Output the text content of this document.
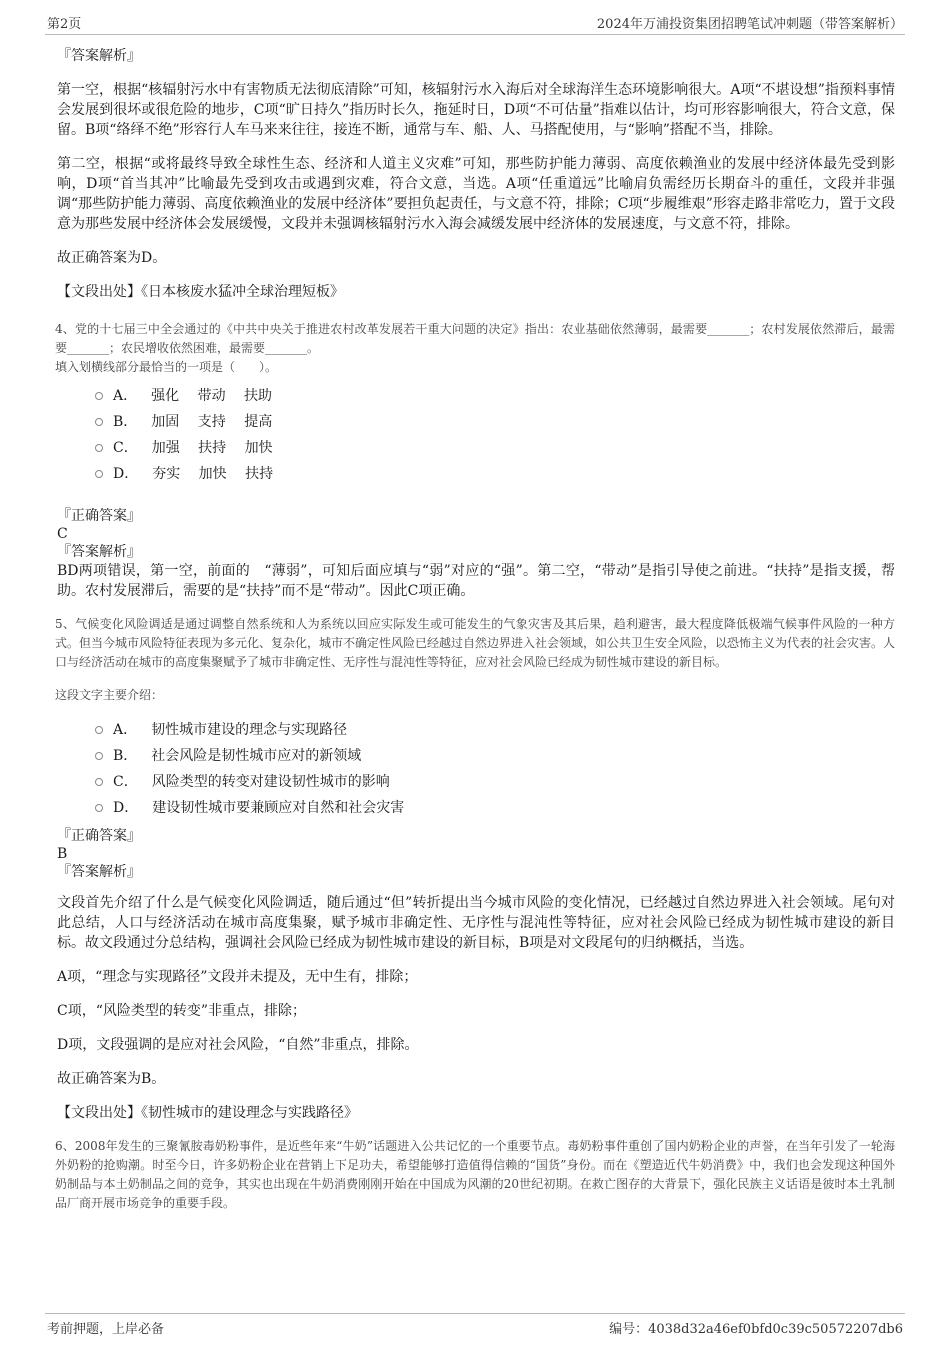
第2页	2024年万浦投资集团招聘笔试冲刺题（带答案解析）
『答案解析』
第一空，根据“核辐射污水中有害物质无法彻底清除”可知，核辐射污水入海后对全球海洋生态环境影响很大。A项“不堪设想”指预料事情会发展到很坏或很危险的地步，C项“旷日持久”指历时长久，拖延时日，D项“不可估量”指难以估计，均可形容影响很大，符合文意，保留。B项“络绎不绝”形容行人车马来来往往，接连不断，通常与车、船、人、马搭配使用，与“影响”搭配不当，排除。
第二空，根据“或将最终导致全球性生态、经济和人道主义灾难”可知，那些防护能力薄弱、高度依赖渔业的发展中经济体最先受到影响，D项“首当其冲”比喻最先受到攻击或遇到灾难，符合文意，当选。A项“任重道远”比喻肩负需经历长期奋斗的重任，文段并非强调“那些防护能力薄弱、高度依赖渔业的发展中经济体”要担负起责任，与文意不符，排除；C项“步履维艰”形容走路非常吃力，置于文段意为那些发展中经济体会发展缓慢，文段并未强调核辐射污水入海会减缓发展中经济体的发展速度，与文意不符，排除。
故正确答案为D。
【文段出处】《日本核废水猛冲全球治理短板》
4、党的十七届三中全会通过的《中共中央关于推进农村改革发展若干重大问题的决定》指出：农业基础依然薄弱，最需要_______；农村发展依然滞后，最需要_______；农民增收依然困难，最需要_______。
填入划横线部分最恰当的一项是（　　）。
A． 强化　 带动　 扶助
B． 加固　 支持　 提高
C． 加强　 扶持　 加快
D． 夯实　 加快　 扶持
『正确答案』
C
『答案解析』
BD两项错误，第一空，前面的　“薄弱”，可知后面应填与“弱”对应的“强”。第二空，“带动”是指引导使之前进。“扶持”是指支援，帮助。农村发展滞后，需要的是“扶持”而不是“带动”。因此C项正确。
5、气候变化风险调适是通过调整自然系统和人为系统以回应实际发生或可能发生的气象灾害及其后果，趋利避害，最大程度降低极端气候事件风险的一种方式。但当今城市风险特征表现为多元化、复杂化，城市不确定性风险已经越过自然边界进入社会领域，如公共卫生安全风险，以恐怖主义为代表的社会灾害。人口与经济活动在城市的高度集聚赋予了城市非确定性、无序性与混沌性等特征，应对社会风险已经成为韧性城市建设的新目标。
这段文字主要介绍：
A． 韧性城市建设的理念与实现路径
B． 社会风险是韧性城市应对的新领域
C． 风险类型的转变对建设韧性城市的影响
D． 建设韧性城市要兼顾应对自然和社会灾害
『正确答案』
B
『答案解析』
文段首先介绍了什么是气候变化风险调适，随后通过“但”转折提出当今城市风险的变化情况，已经越过自然边界进入社会领域。尾句对此总结，人口与经济活动在城市高度集聚，赋予城市非确定性、无序性与混沌性等特征，应对社会风险已经成为韧性城市建设的新目标。故文段通过分总结构，强调社会风险已经成为韧性城市建设的新目标，B项是对文段尾句的归纳概括，当选。
A项，“理念与实现路径”文段并未提及，无中生有，排除；
C项，“风险类型的转变”非重点，排除；
D项，文段强调的是应对社会风险，“自然”非重点，排除。
故正确答案为B。
【文段出处】《韧性城市的建设理念与实践路径》
6、2008年发生的三聚氰胺毒奶粉事件，是近些年来“牛奶”话题进入公共记忆的一个重要节点。毒奶粉事件重创了国内奶粉企业的声誉，在当年引发了一轮海外奶粉的抢购潮。时至今日，许多奶粉企业在营销上下足功夫，希望能够打造值得信赖的“国货”身份。而在《塑造近代牛奶消费》中，我们也会发现这种国外奶制品与本土奶制品之间的竞争，其实也出现在牛奶消费刚刚开始在中国成为风潮的20世纪初期。在救亡图存的大背景下，强化民族主义话语是彼时本土乳制品厂商开展市场竞争的重要手段。
考前押题，上岸必备	编号：4038d32a46ef0bfd0c39c50572207db6
